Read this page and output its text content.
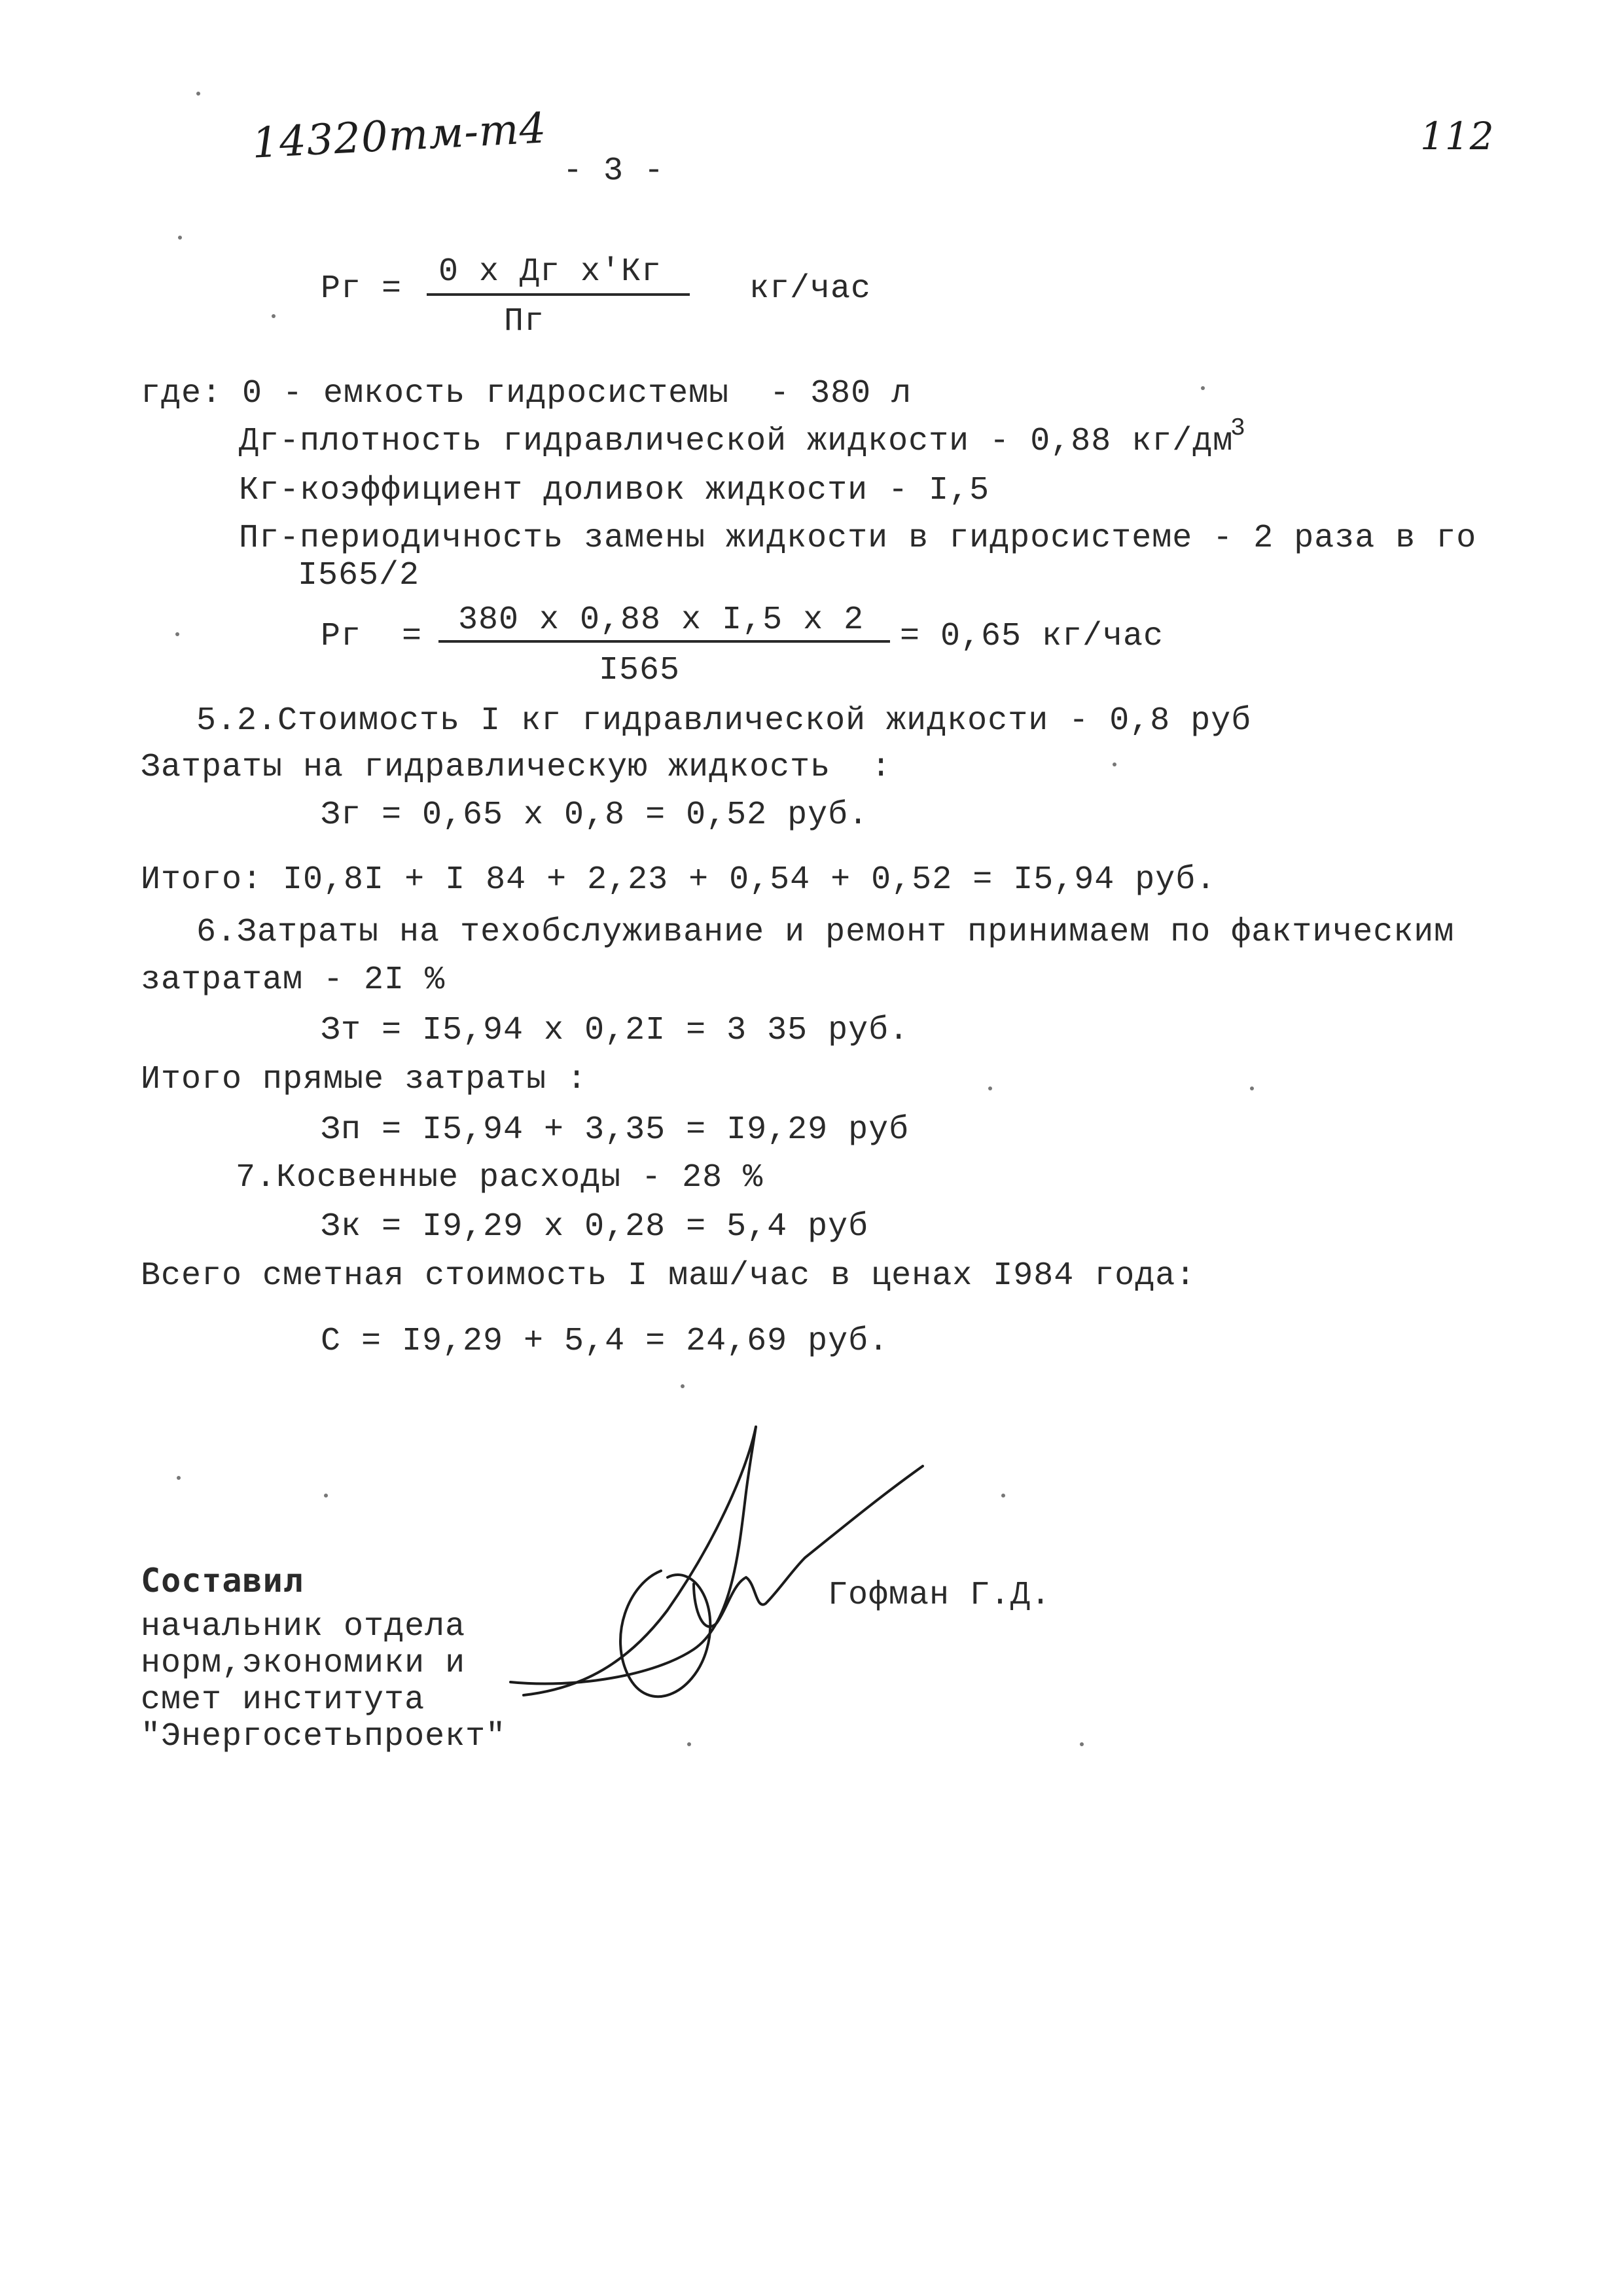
14320тм-т4
- 3 -
112
Рг = 0 х Дг х'Кг
Пг
кг/час
где: 0 - емкость гидросистемы  - 380 л
Дг-плотность гидравлической жидкости - 0,88 кг/дм
3
Кг-коэффициент доливок жидкости - I,5
Пг-периодичность замены жидкости в гидросистеме - 2 раза в го
I565/2
Рг  = 380 х 0,88 х I,5 х 2
I565
= 0,65 кг/час
5.2.Стоимость I кг гидравлической жидкости - 0,8 руб
Затраты на гидравлическую жидкость  :
Зг = 0,65 х 0,8 = 0,52 руб.
Итого: I0,8I + I 84 + 2,23 + 0,54 + 0,52 = I5,94 руб.
6.Затраты на техобслуживание и ремонт принимаем по фактическим
затратам - 2I %
Зт = I5,94 х 0,2I = 3 35 руб.
Итого прямые затраты :
Зп = I5,94 + 3,35 = I9,29 руб
7.Косвенные расходы - 28 %
Зк = I9,29 х 0,28 = 5,4 руб
Всего сметная стоимость I маш/час в ценах I984 года:
С = I9,29 + 5,4 = 24,69 руб.
Составил
начальник отдела
норм,экономики и
смет института
"Энергосетьпроект"
Гофман Г.Д.
